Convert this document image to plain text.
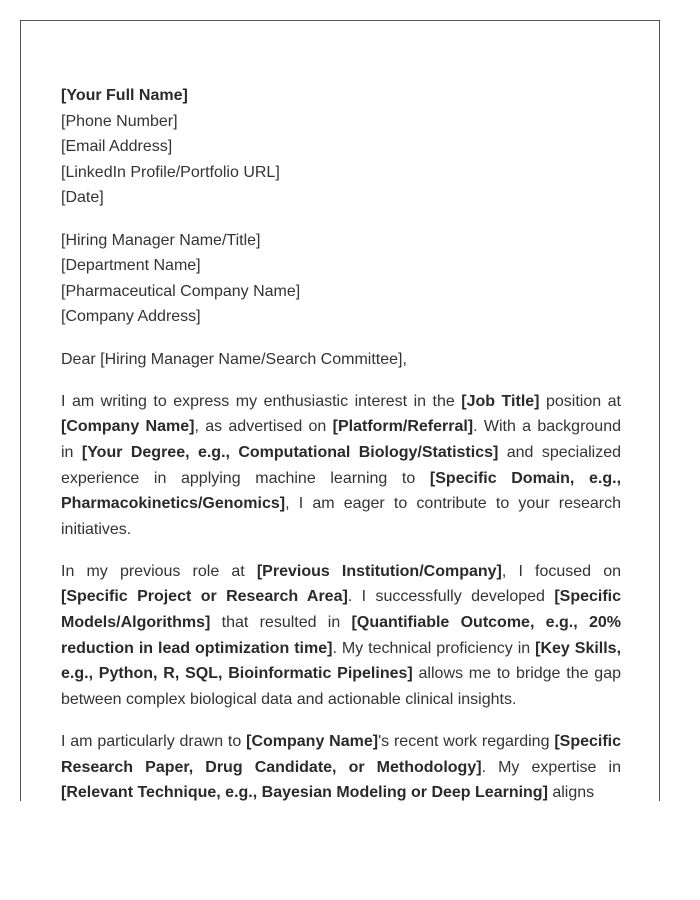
[Your Full Name]
[Phone Number]
[Email Address]
[LinkedIn Profile/Portfolio URL]
[Date]
[Hiring Manager Name/Title]
[Department Name]
[Pharmaceutical Company Name]
[Company Address]
Dear [Hiring Manager Name/Search Committee],

I am writing to express my enthusiastic interest in the [Job Title] position at [Company Name], as advertised on [Platform/Referral]. With a background in [Your Degree, e.g., Computational Biology/Statistics] and specialized experience in applying machine learning to [Specific Domain, e.g., Pharmacokinetics/Genomics], I am eager to contribute to your research initiatives.

In my previous role at [Previous Institution/Company], I focused on [Specific Project or Research Area]. I successfully developed [Specific Models/Algorithms] that resulted in [Quantifiable Outcome, e.g., 20% reduction in lead optimization time]. My technical proficiency in [Key Skills, e.g., Python, R, SQL, Bioinformatic Pipelines] allows me to bridge the gap between complex biological data and actionable clinical insights.

I am particularly drawn to [Company Name]'s recent work regarding [Specific Research Paper, Drug Candidate, or Methodology]. My expertise in [Relevant Technique, e.g., Bayesian Modeling or Deep Learning] aligns
